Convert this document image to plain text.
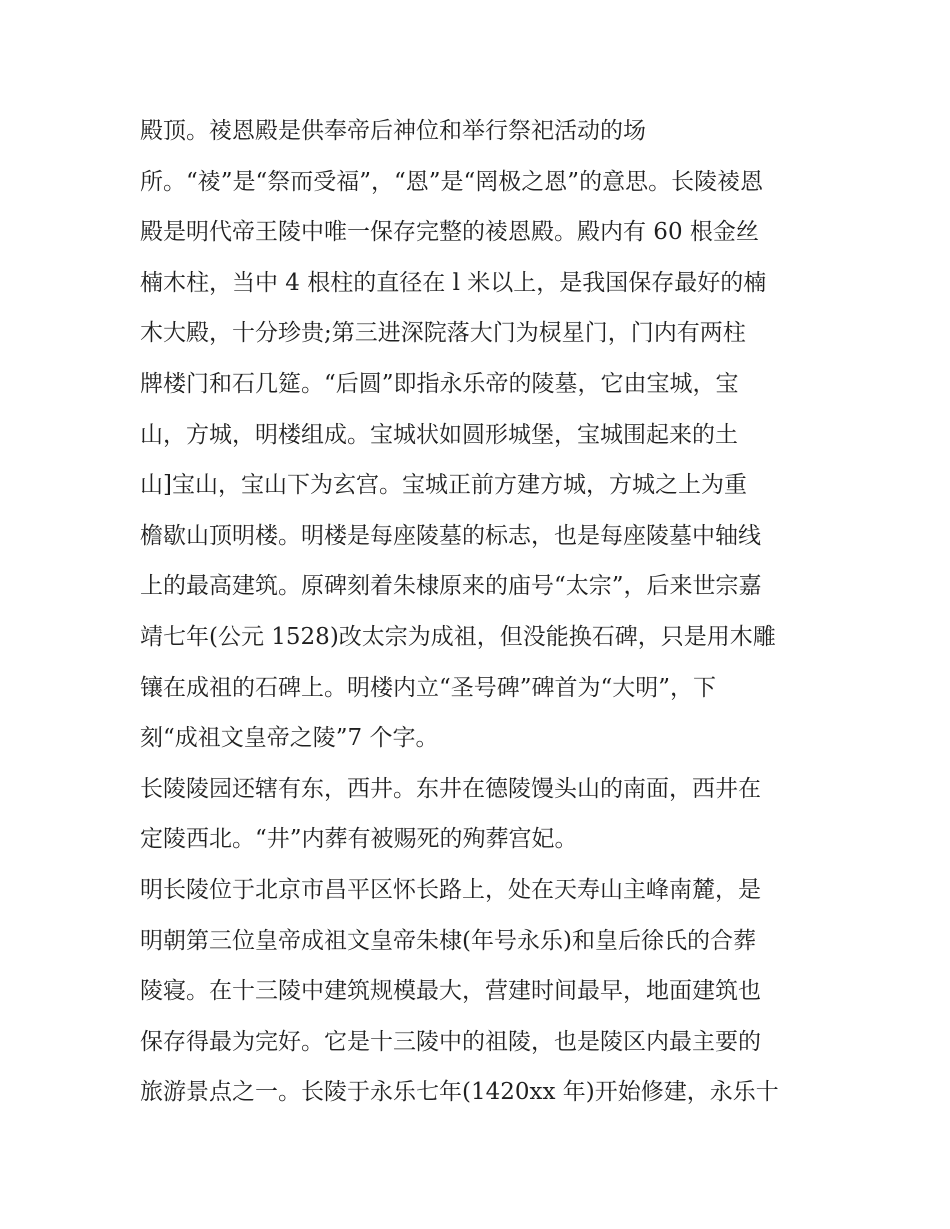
殿顶。祾恩殿是供奉帝后神位和举行祭祀活动的场
所。“祾”是“祭而受福”，“恩”是“罔极之恩”的意思。长陵祾恩
殿是明代帝王陵中唯一保存完整的祾恩殿。殿内有 60 根金丝
楠木柱，当中 4 根柱的直径在 l 米以上，是我国保存最好的楠
木大殿，十分珍贵;第三进深院落大门为棂星门，门内有两柱
牌楼门和石几筵。“后圆”即指永乐帝的陵墓，它由宝城，宝
山，方城，明楼组成。宝城状如圆形城堡，宝城围起来的土
山]宝山，宝山下为玄宫。宝城正前方建方城，方城之上为重
檐歇山顶明楼。明楼是每座陵墓的标志，也是每座陵墓中轴线
上的最高建筑。原碑刻着朱棣原来的庙号“太宗”，后来世宗嘉
靖七年(公元 1528)改太宗为成祖，但没能换石碑，只是用木雕
镶在成祖的石碑上。明楼内立“圣号碑”碑首为“大明”，下
刻“成祖文皇帝之陵”7 个字。
长陵陵园还辖有东，西井。东井在德陵馒头山的南面，西井在
定陵西北。“井”内葬有被赐死的殉葬宫妃。
明长陵位于北京市昌平区怀长路上，处在天寿山主峰南麓，是
明朝第三位皇帝成祖文皇帝朱棣(年号永乐)和皇后徐氏的合葬
陵寝。在十三陵中建筑规模最大，营建时间最早，地面建筑也
保存得最为完好。它是十三陵中的祖陵，也是陵区内最主要的
旅游景点之一。长陵于永乐七年(1420xx 年)开始修建，永乐十
